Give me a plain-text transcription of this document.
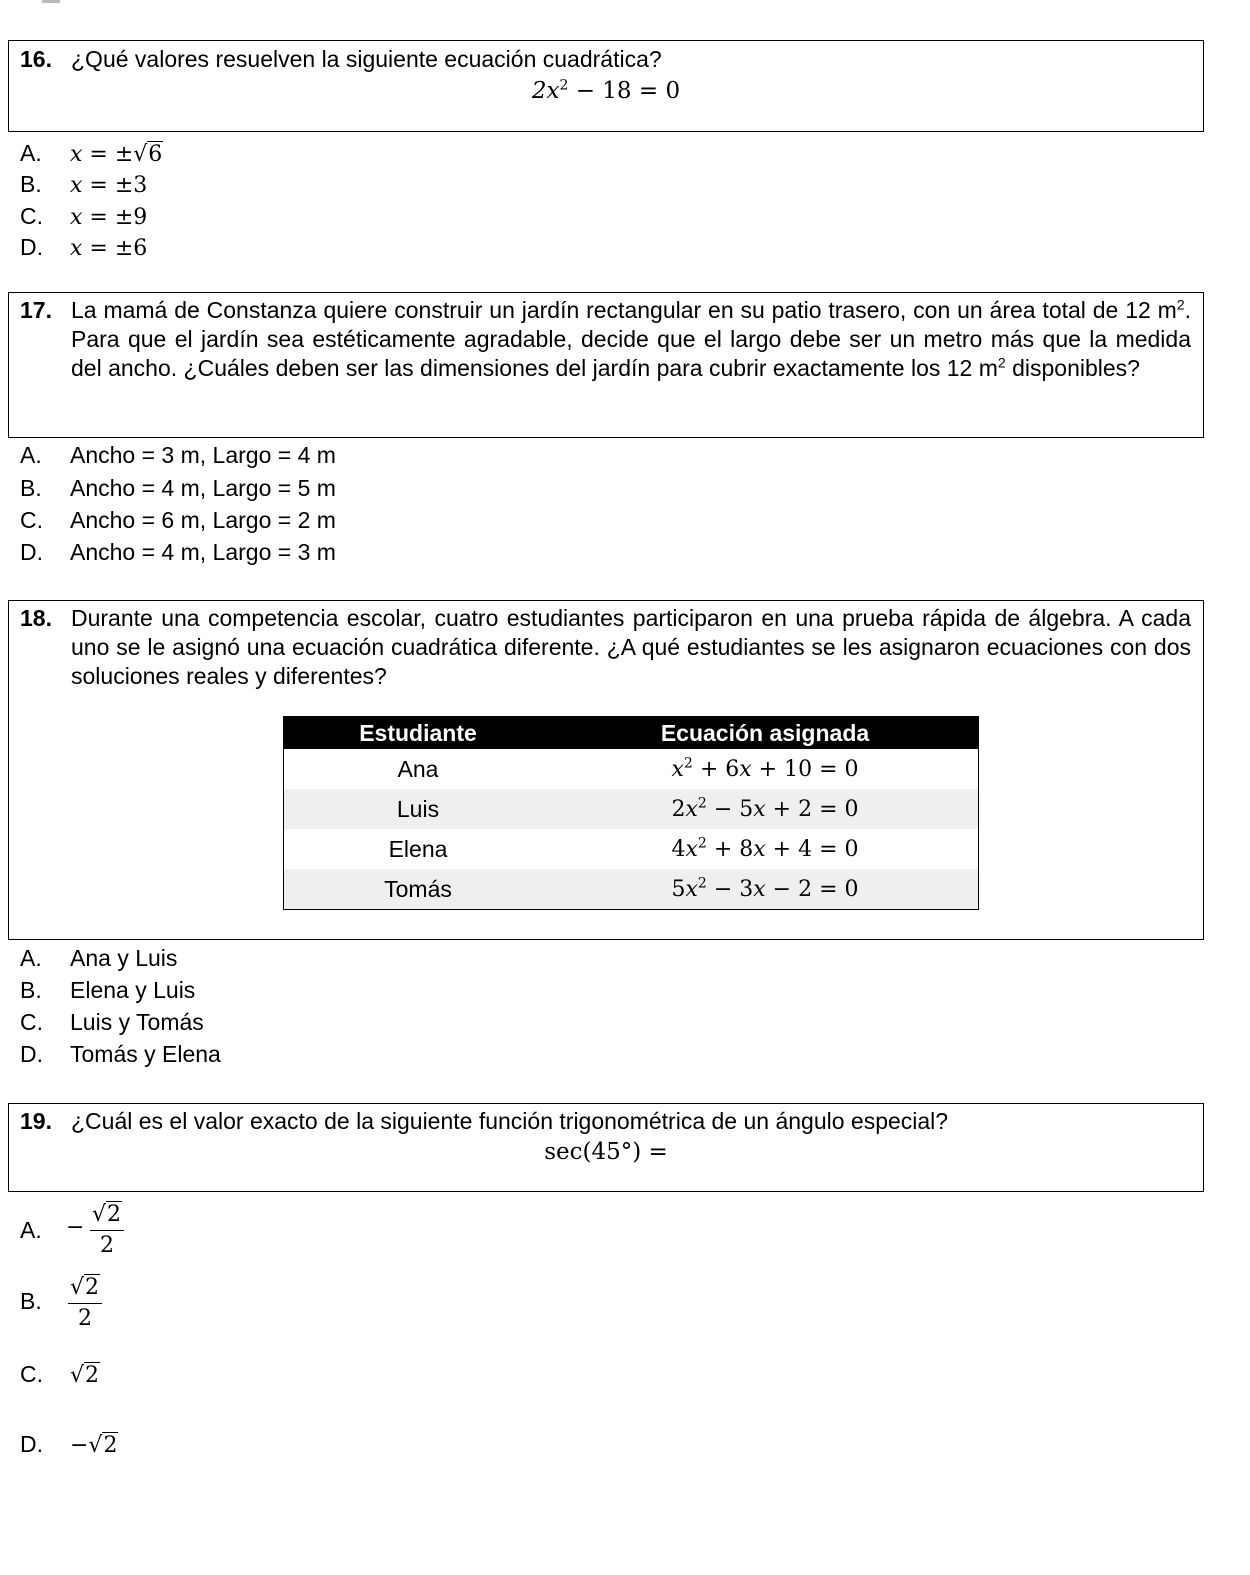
16. ¿Qué valores resuelven la siguiente ecuación cuadrática?
$2x^2 - 18 = 0$
A. x = ±√6
B. x = ±3
C. x = ±9
D. x = ±6
17. La mamá de Constanza quiere construir un jardín rectangular en su patio trasero, con un área total de 12 $m^2$. Para que el jardín sea estéticamente agradable, decide que el largo debe ser un metro más que la medida del ancho. ¿Cuáles deben ser las dimensiones del jardín para cubrir exactamente los 12 $m^2$ disponibles?
A. Ancho = 3 m, Largo = 4 m
B. Ancho = 4 m, Largo = 5 m
C. Ancho = 6 m, Largo = 2 m
D. Ancho = 4 m, Largo = 3 m
18. Durante una competencia escolar, cuatro estudiantes participaron en una prueba rápida de álgebra. A cada uno se le asignó una ecuación cuadrática diferente. ¿A qué estudiantes se les asignaron ecuaciones con dos soluciones reales y diferentes?
Estudiante	Ecuación asignada
Ana	$x^2 + 6x + 10 = 0$
Luis	$2x^2 - 5x + 2 = 0$
Elena	$4x^2 + 8x + 4 = 0$
Tomás	$5x^2 - 3x - 2 = 0$
A. Ana y Luis
B. Elena y Luis
C. Luis y Tomás
D. Tomás y Elena
19. ¿Cuál es el valor exacto de la siguiente función trigonométrica de un ángulo especial?
sec(45°) =
A.	−
√2
2
B.	$\frac{√2}{2}$
C. √2
D. −√2
